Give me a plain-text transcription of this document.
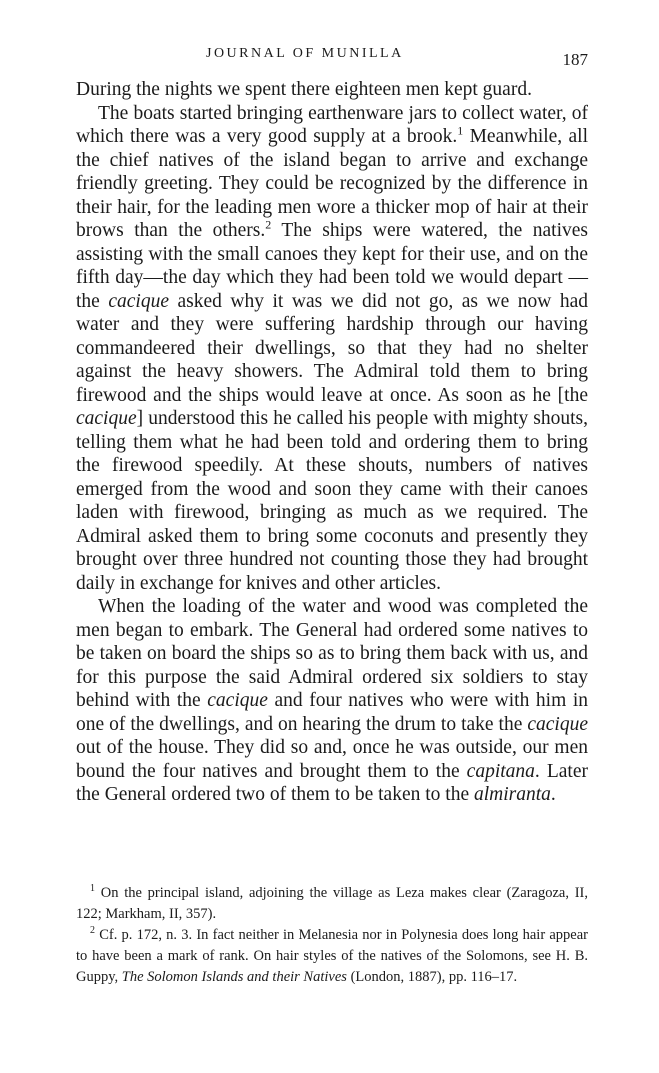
JOURNAL OF MUNILLA	187

During the nights we spent there eighteen men kept guard.

The boats started bringing earthenware jars to collect water, of which there was a very good supply at a brook.$^1$ Meanwhile, all the chief natives of the island began to arrive and exchange friendly greeting. They could be recognized by the difference in their hair, for the leading men wore a thicker mop of hair at their brows than the others.$^2$ The ships were watered, the natives assisting with the small canoes they kept for their use, and on the fifth day—the day which they had been told we would depart —the cacique asked why it was we did not go, as we now had water and they were suffering hardship through our having commandeered their dwellings, so that they had no shelter against the heavy showers. The Admiral told them to bring firewood and the ships would leave at once. As soon as he [the cacique] understood this he called his people with mighty shouts, telling them what he had been told and ordering them to bring the firewood speedily. At these shouts, numbers of natives emerged from the wood and soon they came with their canoes laden with firewood, bringing as much as we required. The Admiral asked them to bring some coconuts and presently they brought over three hundred not counting those they had brought daily in exchange for knives and other articles.

When the loading of the water and wood was completed the men began to embark. The General had ordered some natives to be taken on board the ships so as to bring them back with us, and for this purpose the said Admiral ordered six soldiers to stay behind with the cacique and four natives who were with him in one of the dwellings, and on hearing the drum to take the cacique out of the house. They did so and, once he was outside, our men bound the four natives and brought them to the capitana. Later the General ordered two of them to be taken to the almiranta.

$^1$ On the principal island, adjoining the village as Leza makes clear (Zaragoza, II, 122; Markham, II, 357).

$^2$ Cf. p. 172, n. 3. In fact neither in Melanesia nor in Polynesia does long hair appear to have been a mark of rank. On hair styles of the natives of the Solomons, see H. B. Guppy, The Solomon Islands and their Natives (London, 1887), pp. 116–17.
